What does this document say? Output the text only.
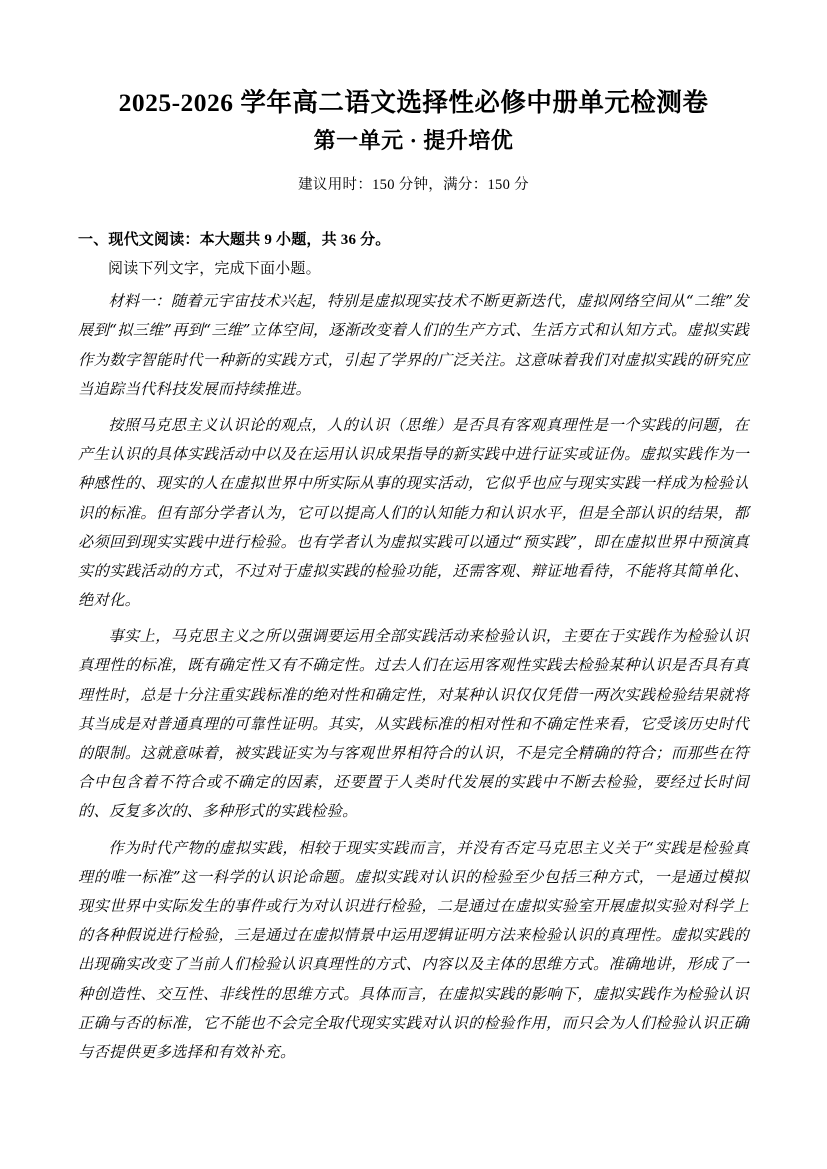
2025-2026 学年高二语文选择性必修中册单元检测卷
第一单元 · 提升培优

建议用时：150 分钟，满分：150 分

一、现代文阅读：本大题共 9 小题，共 36 分。

阅读下列文字，完成下面小题。

材料一：随着元宇宙技术兴起，特别是虚拟现实技术不断更新迭代，虚拟网络空间从“二维”发展到“拟三维”再到“三维”立体空间，逐渐改变着人们的生产方式、生活方式和认知方式。虚拟实践作为数字智能时代一种新的实践方式，引起了学界的广泛关注。这意味着我们对虚拟实践的研究应当追踪当代科技发展而持续推进。

按照马克思主义认识论的观点，人的认识（思维）是否具有客观真理性是一个实践的问题，在产生认识的具体实践活动中以及在运用认识成果指导的新实践中进行证实或证伪。虚拟实践作为一种感性的、现实的人在虚拟世界中所实际从事的现实活动，它似乎也应与现实实践一样成为检验认识的标准。但有部分学者认为，它可以提高人们的认知能力和认识水平，但是全部认识的结果，都必须回到现实实践中进行检验。也有学者认为虚拟实践可以通过“预实践”，即在虚拟世界中预演真实的实践活动的方式，不过对于虚拟实践的检验功能，还需客观、辩证地看待，不能将其简单化、绝对化。

事实上，马克思主义之所以强调要运用全部实践活动来检验认识，主要在于实践作为检验认识真理性的标准，既有确定性又有不确定性。过去人们在运用客观性实践去检验某种认识是否具有真理性时，总是十分注重实践标准的绝对性和确定性，对某种认识仅仅凭借一两次实践检验结果就将其当成是对普通真理的可靠性证明。其实，从实践标准的相对性和不确定性来看，它受该历史时代的限制。这就意味着，被实践证实为与客观世界相符合的认识，不是完全精确的符合；而那些在符合中包含着不符合或不确定的因素，还要置于人类时代发展的实践中不断去检验，要经过长时间的、反复多次的、多种形式的实践检验。

作为时代产物的虚拟实践，相较于现实实践而言，并没有否定马克思主义关于“实践是检验真理的唯一标准”这一科学的认识论命题。虚拟实践对认识的检验至少包括三种方式，一是通过模拟现实世界中实际发生的事件或行为对认识进行检验，二是通过在虚拟实验室开展虚拟实验对科学上的各种假说进行检验，三是通过在虚拟情景中运用逻辑证明方法来检验认识的真理性。虚拟实践的出现确实改变了当前人们检验认识真理性的方式、内容以及主体的思维方式。准确地讲，形成了一种创造性、交互性、非线性的思维方式。具体而言，在虚拟实践的影响下，虚拟实践作为检验认识正确与否的标准，它不能也不会完全取代现实实践对认识的检验作用，而只会为人们检验认识正确与否提供更多选择和有效补充。
